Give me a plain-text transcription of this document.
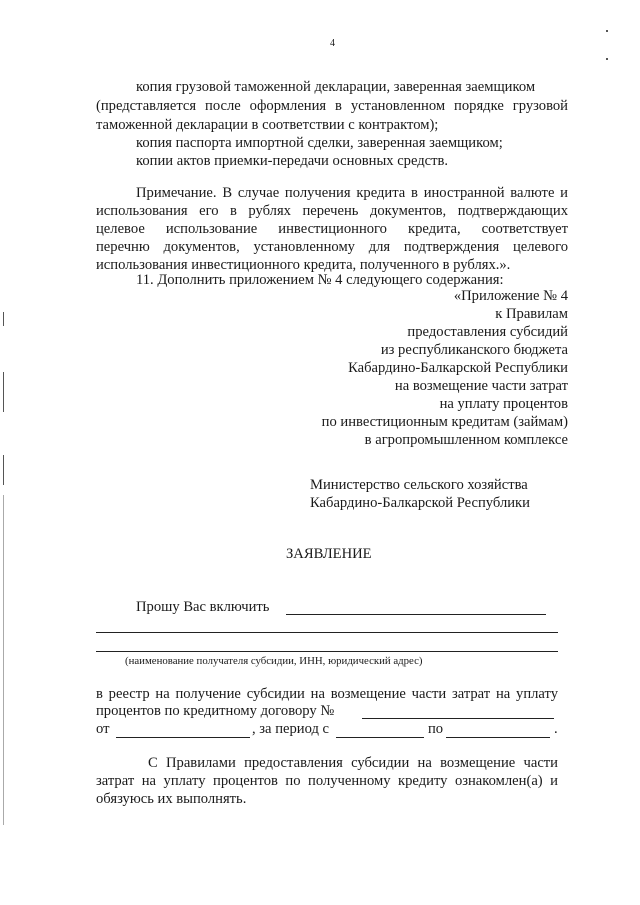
4
копия грузовой таможенной декларации, заверенная заемщиком
(представляется после оформления в установленном порядке грузовой
таможенной декларации в соответствии с контрактом);
копия паспорта импортной сделки, заверенная заемщиком;
копии актов приемки-передачи основных средств.
Примечание. В случае получения кредита в иностранной валюте и
использования его в рублях перечень документов, подтверждающих
целевое использование инвестиционного кредита, соответствует
перечню документов, установленному для подтверждения целевого
использования инвестиционного кредита, полученного в рублях.».
11. Дополнить приложением № 4 следующего содержания:
«Приложение № 4
к Правилам
предоставления субсидий
из республиканского бюджета
Кабардино-Балкарской Республики
на возмещение части затрат
на уплату процентов
по инвестиционным кредитам (займам)
в агропромышленном комплексе
Министерство сельского хозяйства
Кабардино-Балкарской Республики
ЗАЯВЛЕНИЕ
Прошу Вас включить
(наименование получателя субсидии, ИНН, юридический адрес)
в реестр на получение субсидии на возмещение части затрат на уплату
процентов по кредитному договору №
от	, за период с	по	.
С Правилами предоставления субсидии на возмещение части
затрат на уплату процентов по полученному кредиту ознакомлен(а) и
обязуюсь их выполнять.
